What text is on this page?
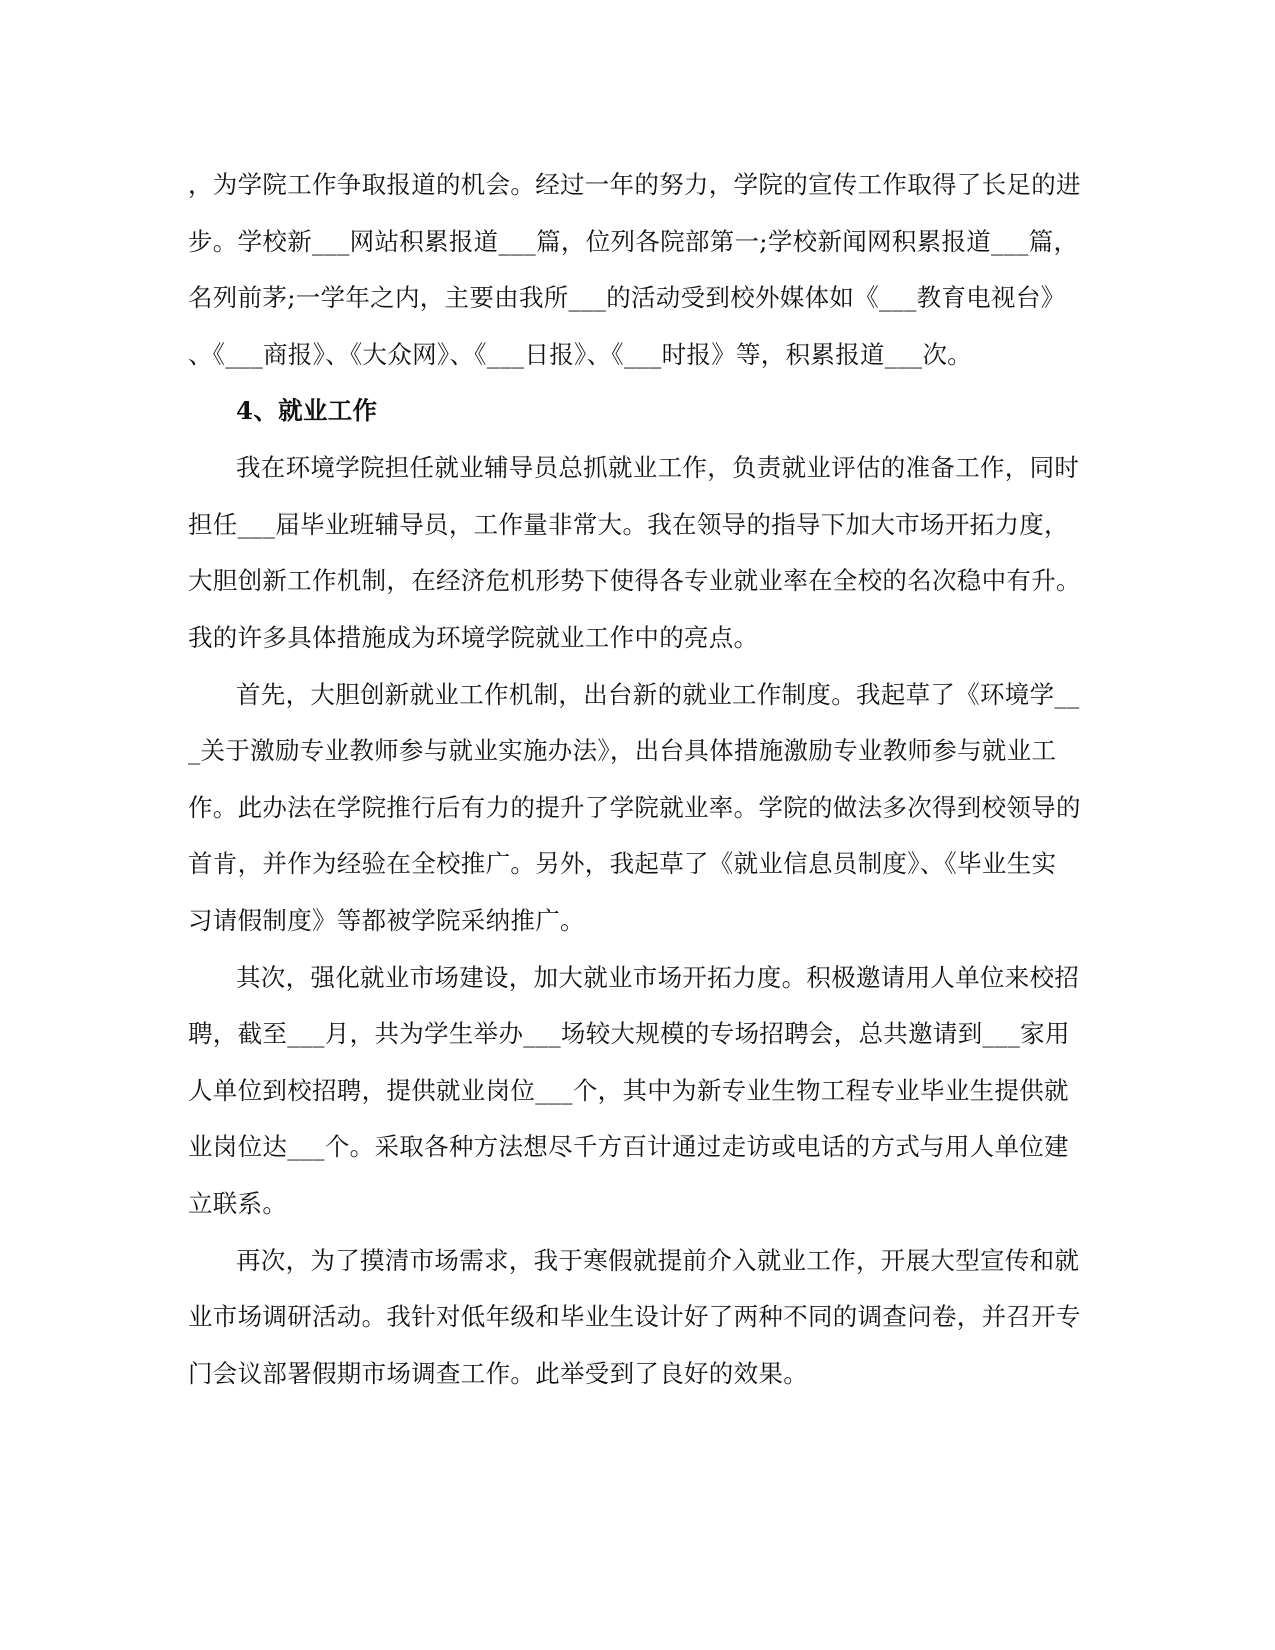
，为学院工作争取报道的机会。经过一年的努力，学院的宣传工作取得了长足的进
步。学校新___网站积累报道___篇，位列各院部第一;学校新闻网积累报道___篇，
名列前茅;一学年之内，主要由我所___的活动受到校外媒体如《___教育电视台》
、《___商报》、《大众网》、《___日报》、《___时报》等，积累报道___次。
4、就业工作
我在环境学院担任就业辅导员总抓就业工作，负责就业评估的准备工作，同时
担任___届毕业班辅导员，工作量非常大。我在领导的指导下加大市场开拓力度，
大胆创新工作机制，在经济危机形势下使得各专业就业率在全校的名次稳中有升。
我的许多具体措施成为环境学院就业工作中的亮点。
首先，大胆创新就业工作机制，出台新的就业工作制度。我起草了《环境学__
_关于激励专业教师参与就业实施办法》，出台具体措施激励专业教师参与就业工
作。此办法在学院推行后有力的提升了学院就业率。学院的做法多次得到校领导的
首肯，并作为经验在全校推广。另外，我起草了《就业信息员制度》、《毕业生实
习请假制度》等都被学院采纳推广。
其次，强化就业市场建设，加大就业市场开拓力度。积极邀请用人单位来校招
聘，截至___月，共为学生举办___场较大规模的专场招聘会，总共邀请到___家用
人单位到校招聘，提供就业岗位___个，其中为新专业生物工程专业毕业生提供就
业岗位达___个。采取各种方法想尽千方百计通过走访或电话的方式与用人单位建
立联系。
再次，为了摸清市场需求，我于寒假就提前介入就业工作，开展大型宣传和就
业市场调研活动。我针对低年级和毕业生设计好了两种不同的调查问卷，并召开专
门会议部署假期市场调查工作。此举受到了良好的效果。
